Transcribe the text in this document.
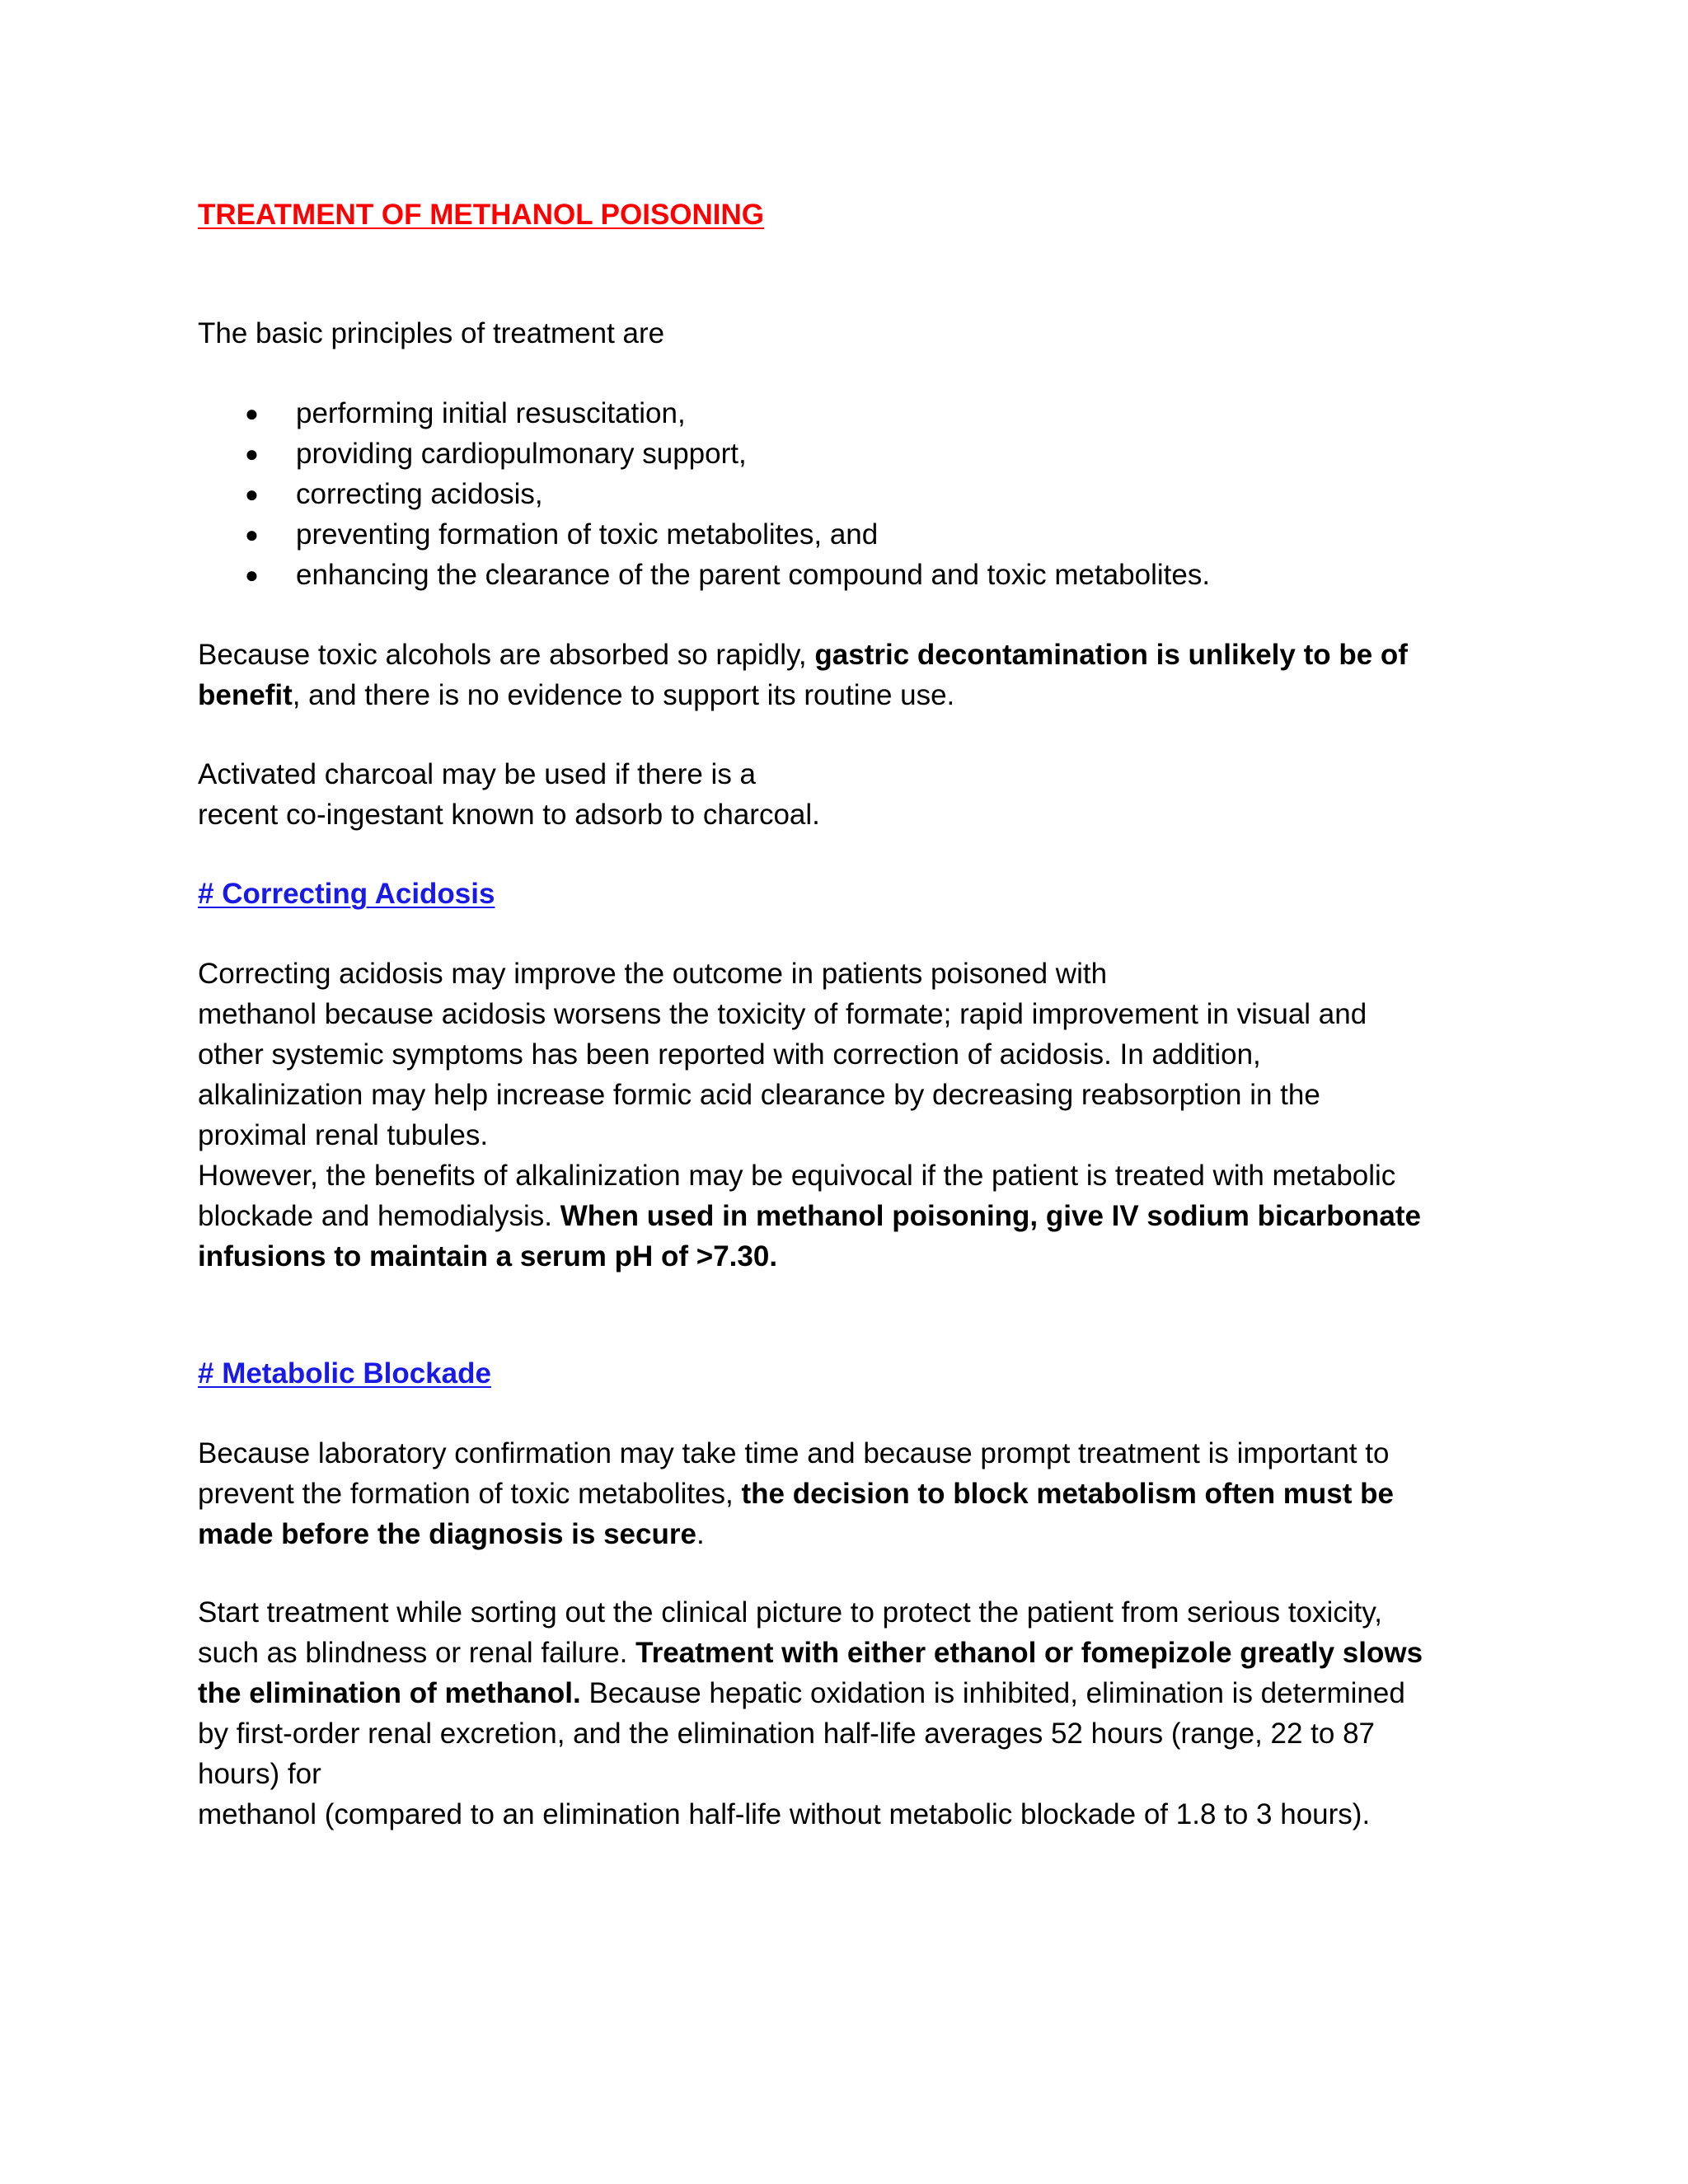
TREATMENT OF METHANOL POISONING
The basic principles of treatment are
● performing initial resuscitation,
● providing cardiopulmonary support,
● correcting acidosis,
● preventing formation of toxic metabolites, and
● enhancing the clearance of the parent compound and toxic metabolites.
Because toxic alcohols are absorbed so rapidly, gastric decontamination is unlikely to be of
benefit, and there is no evidence to support its routine use.
Activated charcoal may be used if there is a
recent co-ingestant known to adsorb to charcoal.
# Correcting Acidosis
Correcting acidosis may improve the outcome in patients poisoned with
methanol because acidosis worsens the toxicity of formate; rapid improvement in visual and
other systemic symptoms has been reported with correction of acidosis. In addition,
alkalinization may help increase formic acid clearance by decreasing reabsorption in the
proximal renal tubules.
However, the benefits of alkalinization may be equivocal if the patient is treated with metabolic
blockade and hemodialysis. When used in methanol poisoning, give IV sodium bicarbonate
infusions to maintain a serum pH of >7.30.
# Metabolic Blockade
Because laboratory confirmation may take time and because prompt treatment is important to
prevent the formation of toxic metabolites, the decision to block metabolism often must be
made before the diagnosis is secure.
Start treatment while sorting out the clinical picture to protect the patient from serious toxicity,
such as blindness or renal failure. Treatment with either ethanol or fomepizole greatly slows
the elimination of methanol. Because hepatic oxidation is inhibited, elimination is determined
by first-order renal excretion, and the elimination half-life averages 52 hours (range, 22 to 87
hours) for
methanol (compared to an elimination half-life without metabolic blockade of 1.8 to 3 hours).
